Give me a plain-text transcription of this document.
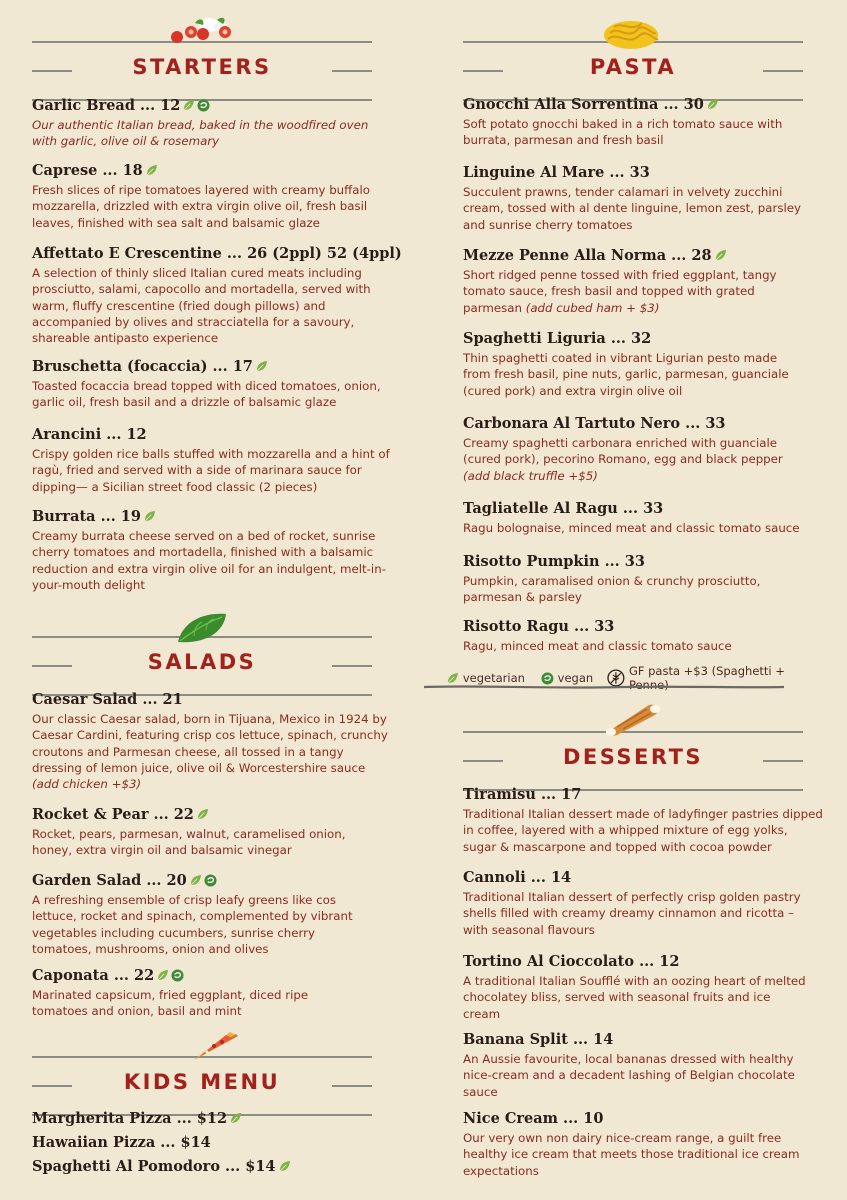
STARTERS
Garlic Bread ... 12
Our authentic Italian bread, baked in the woodfired oven with garlic, olive oil & rosemary
Caprese ... 18
Fresh slices of ripe tomatoes layered with creamy buffalo mozzarella, drizzled with extra virgin olive oil, fresh basil leaves, finished with sea salt and balsamic glaze
Affettato E Crescentine ... 26 (2ppl) 52 (4ppl)
A selection of thinly sliced Italian cured meats including prosciutto, salami, capocollo and mortadella, served with warm, fluffy crescentine (fried dough pillows) and accompanied by olives and stracciatella for a savoury, shareable antipasto experience
Bruschetta (focaccia) ... 17
Toasted focaccia bread topped with diced tomatoes, onion, garlic oil, fresh basil and a drizzle of balsamic glaze
Arancini ... 12
Crispy golden rice balls stuffed with mozzarella and a hint of ragù, fried and served with a side of marinara sauce for dipping— a Sicilian street food classic (2 pieces)
Burrata ... 19
Creamy burrata cheese served on a bed of rocket, sunrise cherry tomatoes and mortadella, finished with a balsamic reduction and extra virgin olive oil for an indulgent, melt-in-your-mouth delight
SALADS
Caesar Salad ... 21
Our classic Caesar salad, born in Tijuana, Mexico in 1924 by Caesar Cardini, featuring crisp cos lettuce, spinach, crunchy croutons and Parmesan cheese, all tossed in a tangy dressing of lemon juice, olive oil & Worcestershire sauce
(add chicken +$3)
Rocket & Pear ... 22
Rocket, pears, parmesan, walnut, caramelised onion, honey, extra virgin oil and balsamic vinegar
Garden Salad ... 20
A refreshing ensemble of crisp leafy greens like cos lettuce, rocket and spinach, complemented by vibrant vegetables including cucumbers, sunrise cherry tomatoes, mushrooms, onion and olives
Caponata ... 22
Marinated capsicum, fried eggplant, diced ripe tomatoes and onion, basil and mint
KIDS MENU
Margherita Pizza ... $12
Hawaiian Pizza ... $14
Spaghetti Al Pomodoro ... $14
PASTA
Gnocchi Alla Sorrentina ... 30
Soft potato gnocchi baked in a rich tomato sauce with burrata, parmesan and fresh basil
Linguine Al Mare ... 33
Succulent prawns, tender calamari in velvety zucchini cream, tossed with al dente linguine, lemon zest, parsley and sunrise cherry tomatoes
Mezze Penne Alla Norma ... 28
Short ridged penne tossed with fried eggplant, tangy tomato sauce, fresh basil and topped with grated parmesan (add cubed ham + $3)
Spaghetti Liguria ... 32
Thin spaghetti coated in vibrant Ligurian pesto made from fresh basil, pine nuts, garlic, parmesan, guanciale (cured pork) and extra virgin olive oil
Carbonara Al Tartuto Nero ... 33
Creamy spaghetti carbonara enriched with guanciale (cured pork), pecorino Romano, egg and black pepper
(add black truffle +$5)
Tagliatelle Al Ragu ... 33
Ragu bolognaise, minced meat and classic tomato sauce
Risotto Pumpkin ... 33
Pumpkin, caramalised onion & crunchy prosciutto, parmesan & parsley
Risotto Ragu ... 33
Ragu, minced meat and classic tomato sauce
DESSERTS
Tiramisu ... 17
Traditional Italian dessert made of ladyfinger pastries dipped in coffee, layered with a whipped mixture of egg yolks, sugar & mascarpone and topped with cocoa powder
Cannoli ... 14
Traditional Italian dessert of perfectly crisp golden pastry shells filled with creamy dreamy cinnamon and ricotta – with seasonal flavours
Tortino Al Cioccolato ... 12
A traditional Italian Soufflé with an oozing heart of melted chocolatey bliss, served with seasonal fruits and ice cream
Banana Split ... 14
An Aussie favourite, local bananas dressed with healthy nice-cream and a decadent lashing of Belgian chocolate sauce
Nice Cream ... 10
Our very own non dairy nice-cream range, a guilt free healthy ice cream that meets those traditional ice cream expectations
vegetarian	vegan	GF pasta +$3 (Spaghetti + Penne)
